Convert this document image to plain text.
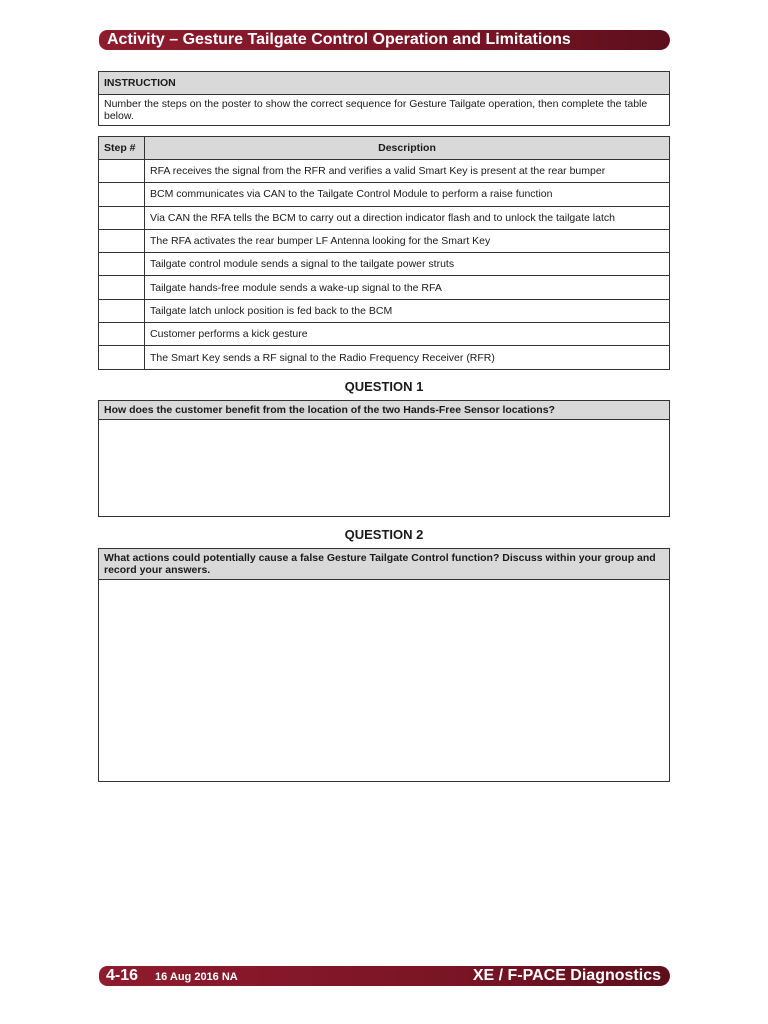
Activity – Gesture Tailgate Control Operation and Limitations
INSTRUCTION
Number the steps on the poster to show the correct sequence for Gesture Tailgate operation, then complete the table below.
Step #	Description
	RFA receives the signal from the RFR and verifies a valid Smart Key is present at the rear bumper
	BCM communicates via CAN to the Tailgate Control Module to perform a raise function
	Via CAN the RFA tells the BCM to carry out a direction indicator flash and to unlock the tailgate latch
	The RFA activates the rear bumper LF Antenna looking for the Smart Key
	Tailgate control module sends a signal to the tailgate power struts
	Tailgate hands-free module sends a wake-up signal to the RFA
	Tailgate latch unlock position is fed back to the BCM
	Customer performs a kick gesture
	The Smart Key sends a RF signal to the Radio Frequency Receiver (RFR)
QUESTION 1
How does the customer benefit from the location of the two Hands-Free Sensor locations?
QUESTION 2
What actions could potentially cause a false Gesture Tailgate Control function? Discuss within your group and record your answers.
4-16 16 Aug 2016 NA	XE / F-PACE Diagnostics
